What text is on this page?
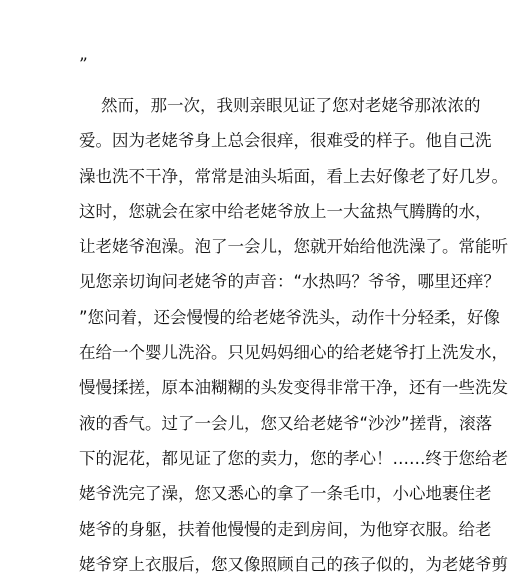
”
然而，那一次，我则亲眼见证了您对老姥爷那浓浓的
爱。因为老姥爷身上总会很痒，很难受的样子。他自己洗
澡也洗不干净，常常是油头垢面，看上去好像老了好几岁。
这时，您就会在家中给老姥爷放上一大盆热气腾腾的水，
让老姥爷泡澡。泡了一会儿，您就开始给他洗澡了。常能听
见您亲切询问老姥爷的声音：“水热吗？爷爷，哪里还痒？
”您问着，还会慢慢的给老姥爷洗头，动作十分轻柔，好像
在给一个婴儿洗浴。只见妈妈细心的给老姥爷打上洗发水，
慢慢揉搓，原本油糊糊的头发变得非常干净，还有一些洗发
液的香气。过了一会儿，您又给老姥爷“沙沙”搓背，滚落
下的泥花，都见证了您的卖力，您的孝心！……终于您给老
姥爷洗完了澡，您又悉心的拿了一条毛巾，小心地裹住老
姥爷的身躯，扶着他慢慢的走到房间，为他穿衣服。给老
姥爷穿上衣服后，您又像照顾自己的孩子似的，为老姥爷剪
